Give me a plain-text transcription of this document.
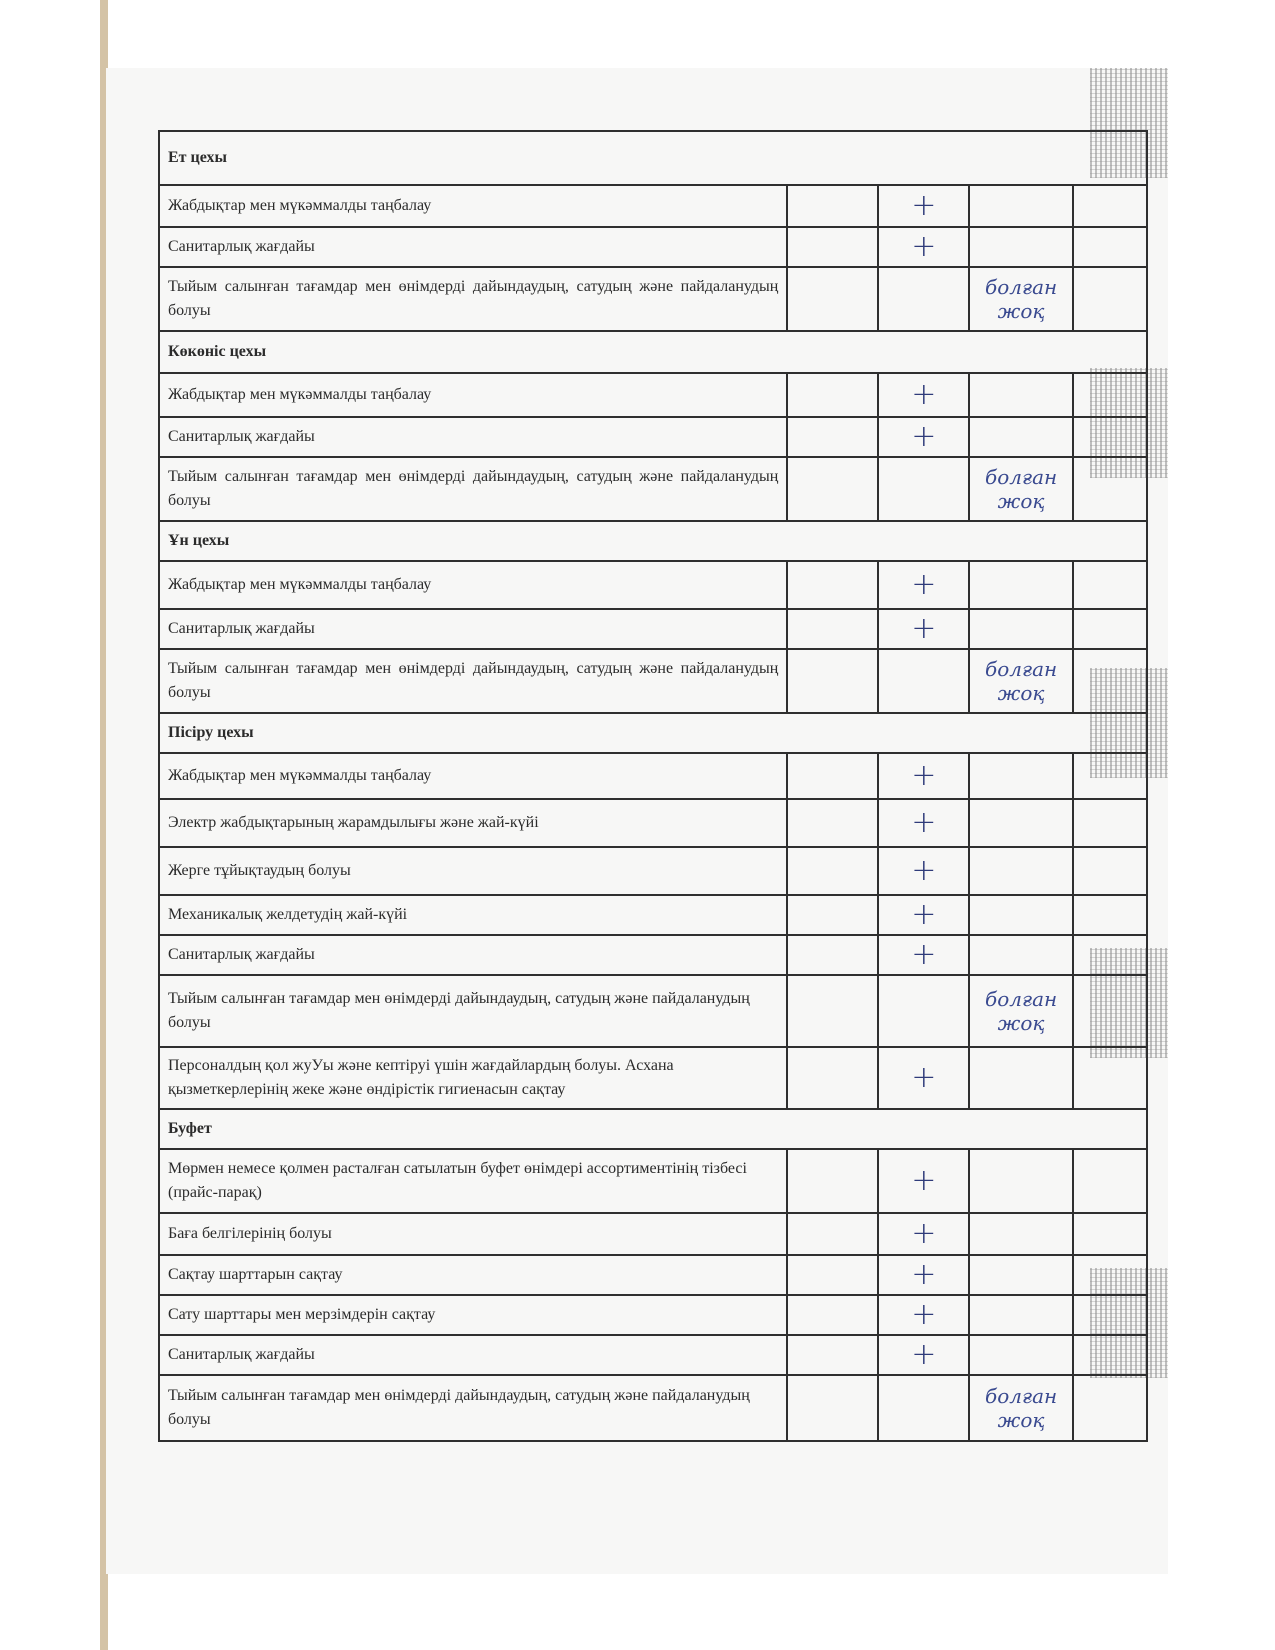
Ет цехы				
Жабдықтар мен мүкәммалды таңбалау		+		
Санитарлық жағдайы		+		
Тыйым салынған тағамдар мен өнімдерді дайындаудың, сатудың және пайдаланудың болуы			болған жоқ	
Көкөніс цехы				
Жабдықтар мен мүкәммалды таңбалау		+		
Санитарлық жағдайы		+		
Тыйым салынған тағамдар мен өнімдерді дайындаудың, сатудың және пайдаланудың болуы			болған жоқ	
Ұн цехы				
Жабдықтар мен мүкәммалды таңбалау		+		
Санитарлық жағдайы		+		
Тыйым салынған тағамдар мен өнімдерді дайындаудың, сатудың және пайдаланудың болуы			болған жоқ	
Пісіру цехы				
Жабдықтар мен мүкәммалды таңбалау		+		
Электр жабдықтарының жарамдылығы және жай-күйі		+		
Жерге тұйықтаудың болуы		+		
Механикалық желдетудің жай-күйі		+		
Санитарлық жағдайы		+		
Тыйым салынған тағамдар мен өнімдерді дайындаудың, сатудың және пайдаланудың болуы			болған жоқ	
Персоналдың қол жуУы және кептіруі үшін жағдайлардың болуы. Асхана қызметкерлерінің жеке және өндірістік гигиенасын сақтау		+		
Буфет				
Мөрмен немесе қолмен расталған сатылатын буфет өнімдері ассортиментінің тізбесі (прайс-парақ)		+		
Баға белгілерінің болуы		+		
Сақтау шарттарын сақтау		+		
Сату шарттары мен мерзімдерін сақтау		+		
Санитарлық жағдайы		+		
Тыйым салынған тағамдар мен өнімдерді дайындаудың, сатудың және пайдаланудың болуы			болған жоқ	
